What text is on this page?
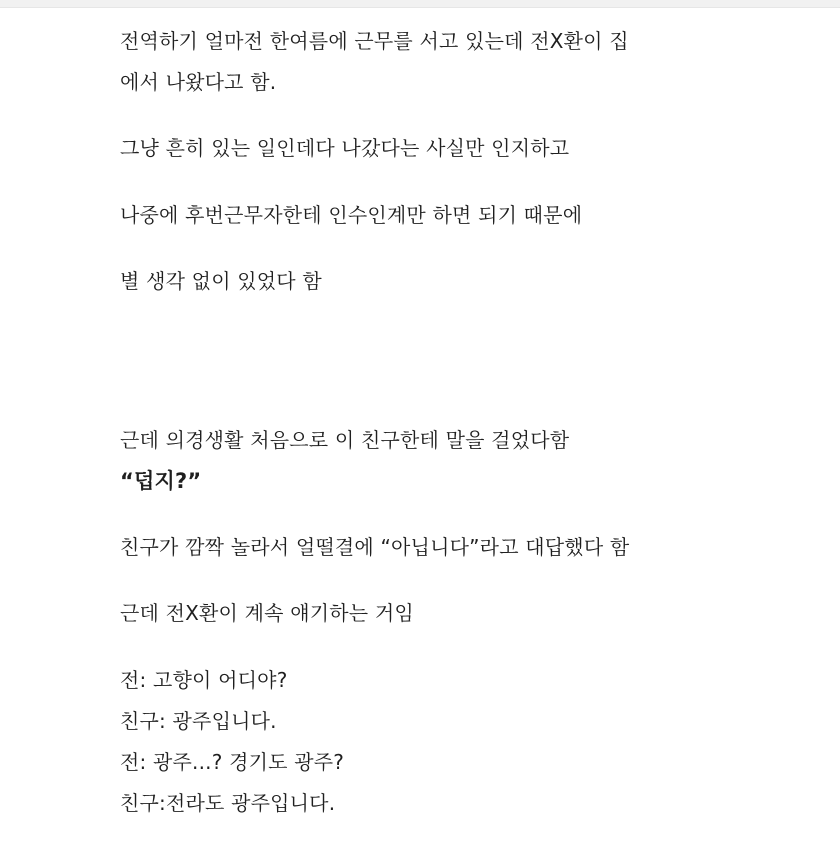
전역하기 얼마전 한여름에 근무를 서고 있는데 전X환이 집
에서 나왔다고 함.
그냥 흔히 있는 일인데다 나갔다는 사실만 인지하고
나중에 후번근무자한테 인수인계만 하면 되기 때문에
별 생각 없이 있었다 함
근데 의경생활 처음으로 이 친구한테 말을 걸었다함
“덥지?”
친구가 깜짝 놀라서 얼떨결에 “아닙니다”라고 대답했다 함
근데 전X환이 계속 얘기하는 거임
전: 고향이 어디야?
친구: 광주입니다.
전: 광주...? 경기도 광주?
친구:전라도 광주입니다.
